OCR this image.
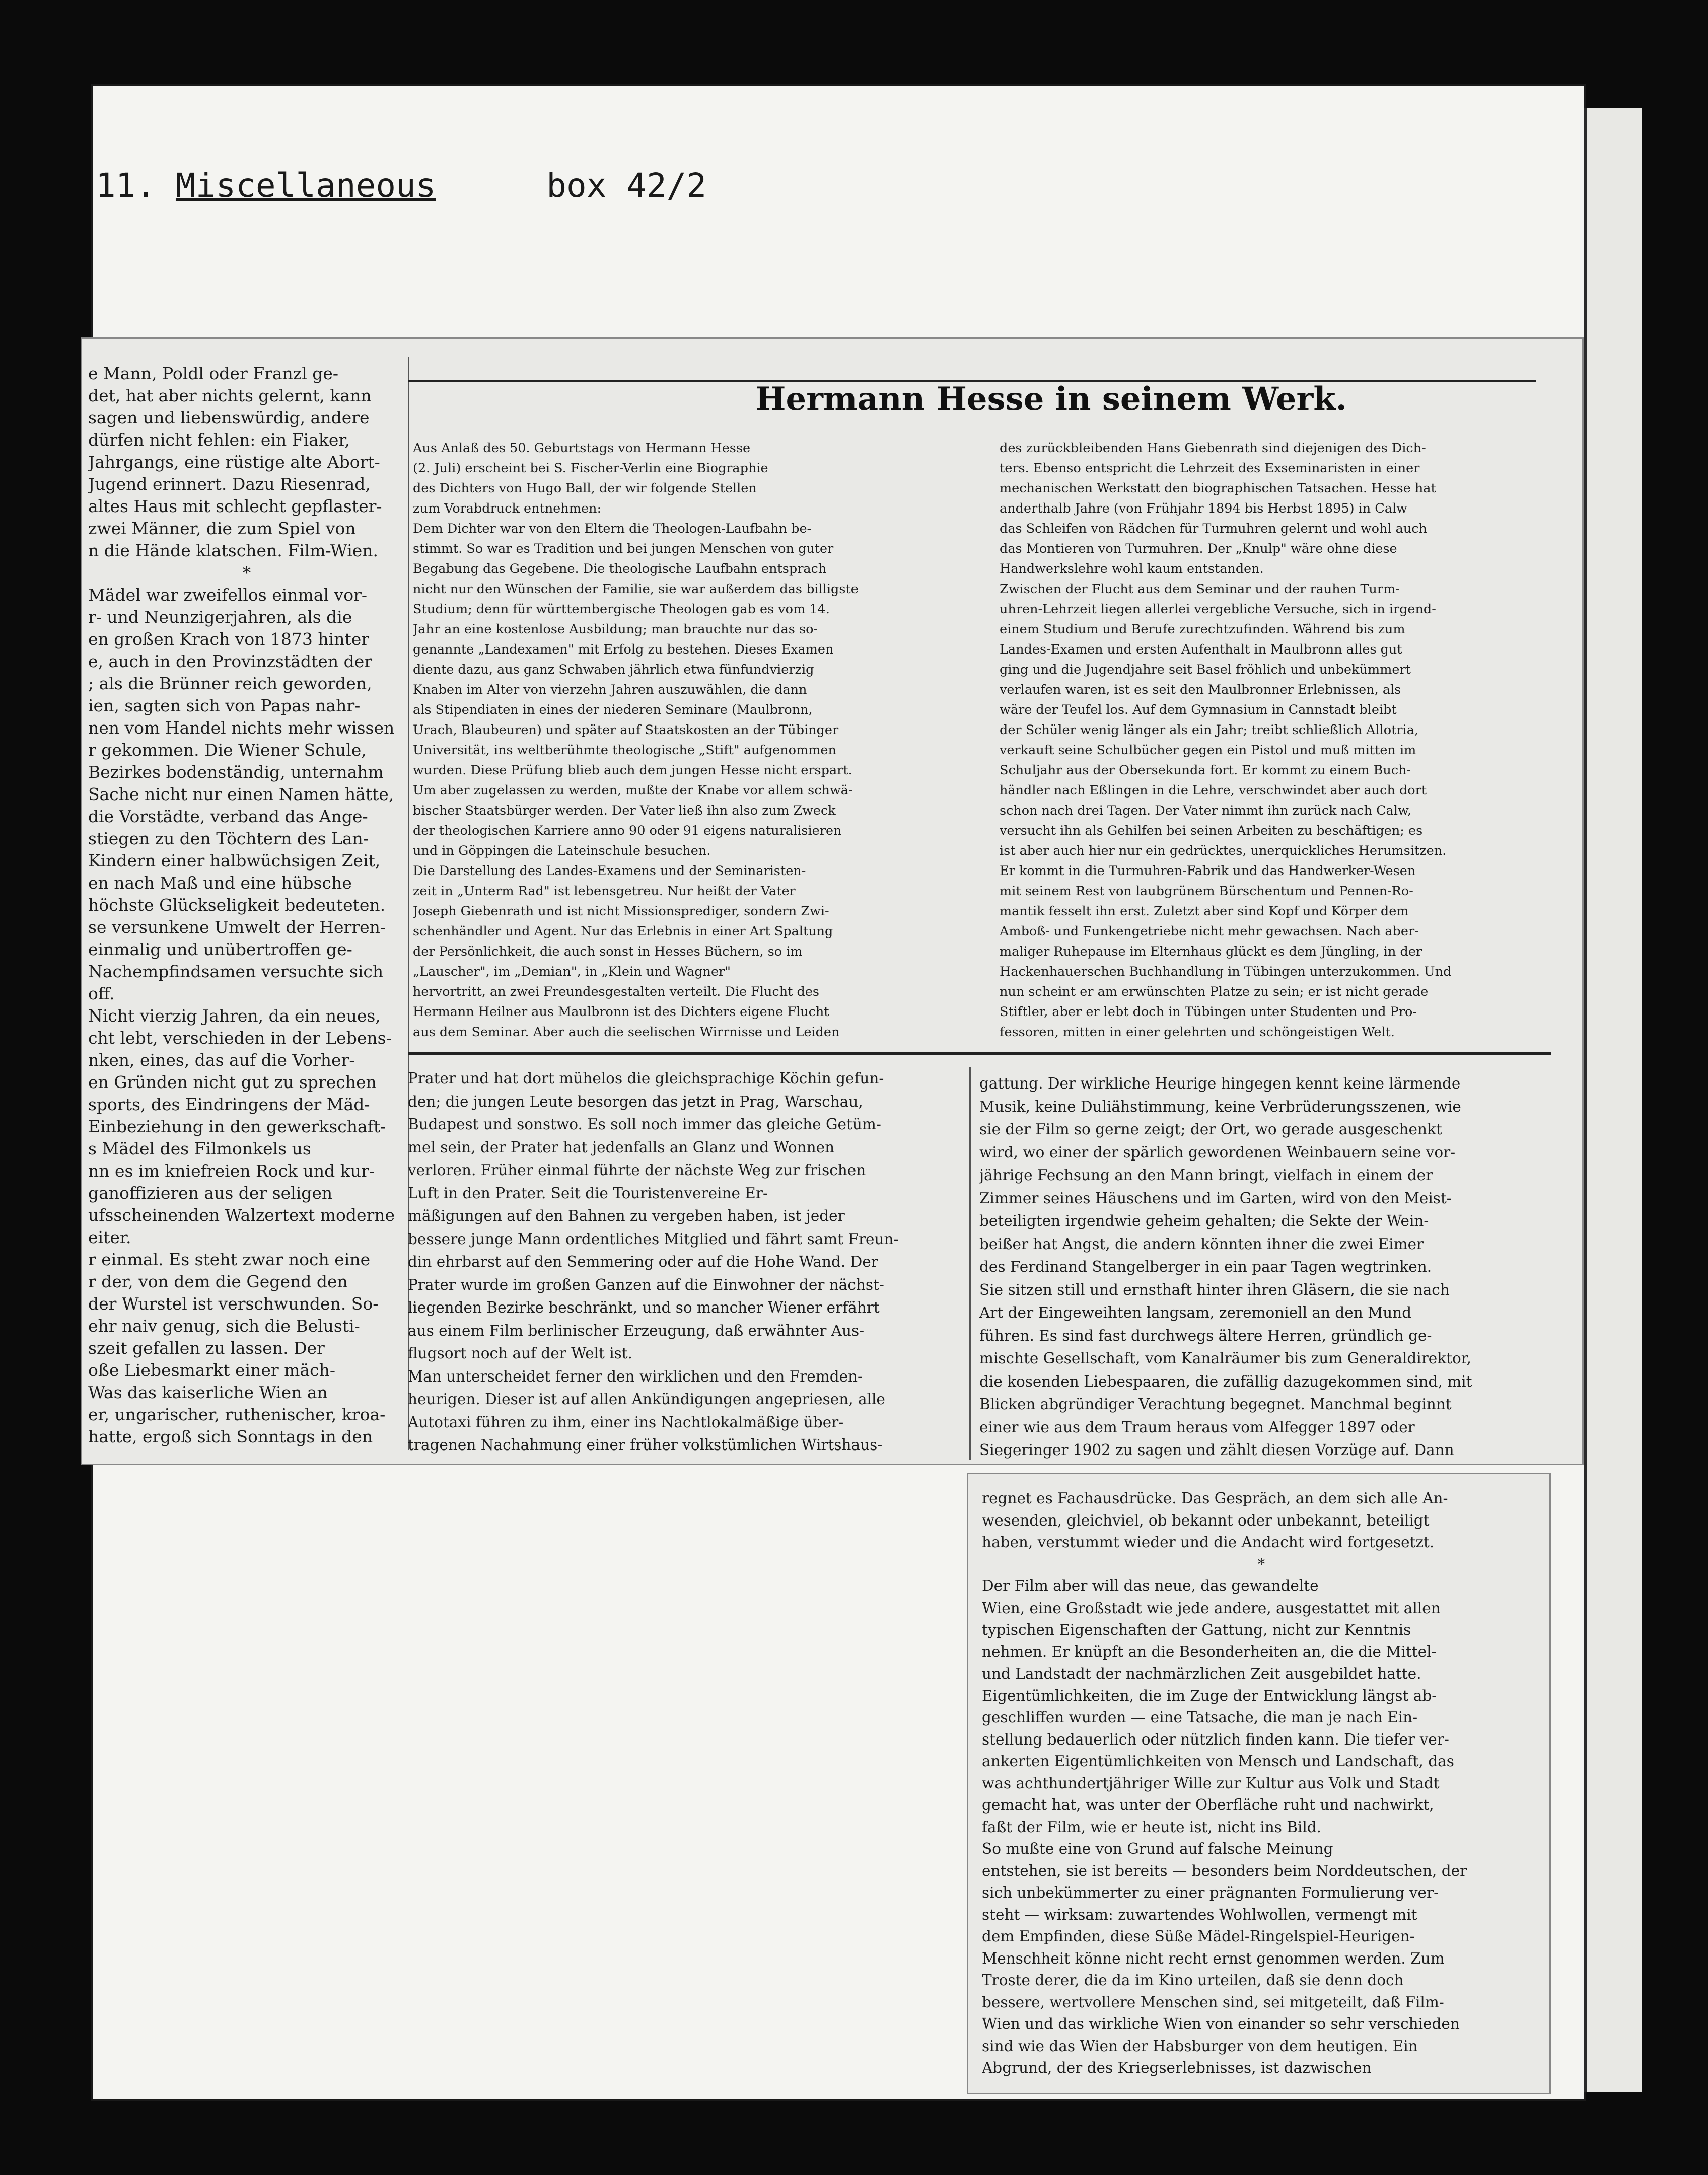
11. Miscellaneous	box 42/2

e Mann, Poldl oder Franzl ge-

det, hat aber nichts gelernt, kann

sagen und liebenswürdig, andere

dürfen nicht fehlen: ein Fiaker,

Jahrgangs, eine rüstige alte Abort-

Jugend erinnert. Dazu Riesenrad,

altes Haus mit schlecht gepflaster-

zwei Männer, die zum Spiel von

n die Hände klatschen. Film-Wien.

*

Mädel war zweifellos einmal vor-

r- und Neunzigerjahren, als die

en großen Krach von 1873 hinter

e, auch in den Provinzstädten der

; als die Brünner reich geworden,

ien, sagten sich von Papas nahr-

nen vom Handel nichts mehr wissen

r gekommen. Die Wiener Schule,

Bezirkes bodenständig, unternahm

Sache nicht nur einen Namen hätte,

die Vorstädte, verband das Ange-

stiegen zu den Töchtern des Lan-

Kindern einer halbwüchsigen Zeit,

en nach Maß und eine hübsche

höchste Glückseligkeit bedeuteten.

se versunkene Umwelt der Herren-

einmalig und unübertroffen ge-

Nachempfindsamen versuchte sich

off.

Nicht vierzig Jahren, da ein neues,

cht lebt, verschieden in der Lebens-

nken, eines, das auf die Vorher-

en Gründen nicht gut zu sprechen

sports, des Eindringens der Mäd-

Einbeziehung in den gewerkschaft-

s Mädel des Filmonkels us

nn es im kniefreien Rock und kur-

ganoffizieren aus der seligen

ufsscheinenden Walzertext moderne

eiter.

r einmal. Es steht zwar noch eine

r der, von dem die Gegend den

der Wurstel ist verschwunden. So-

ehr naiv genug, sich die Belusti-

szeit gefallen zu lassen. Der

oße Liebesmarkt einer mäch-

Was das kaiserliche Wien an

er, ungarischer, ruthenischer, kroa-

hatte, ergoß sich Sonntags in den

Hermann Hesse in seinem Werk.

Aus Anlaß des 50. Geburtstags von Hermann Hesse

(2. Juli) erscheint bei S. Fischer-Verlin eine Biographie

des Dichters von Hugo Ball, der wir folgende Stellen

zum Vorabdruck entnehmen:

Dem Dichter war von den Eltern die Theologen-Laufbahn be-

stimmt. So war es Tradition und bei jungen Menschen von guter

Begabung das Gegebene. Die theologische Laufbahn entsprach

nicht nur den Wünschen der Familie, sie war außerdem das billigste

Studium; denn für württembergische Theologen gab es vom 14.

Jahr an eine kostenlose Ausbildung; man brauchte nur das so-

genannte „Landexamen" mit Erfolg zu bestehen. Dieses Examen

diente dazu, aus ganz Schwaben jährlich etwa fünfundvierzig

Knaben im Alter von vierzehn Jahren auszuwählen, die dann

als Stipendiaten in eines der niederen Seminare (Maulbronn,

Urach, Blaubeuren) und später auf Staatskosten an der Tübinger

Universität, ins weltberühmte theologische „Stift" aufgenommen

wurden. Diese Prüfung blieb auch dem jungen Hesse nicht erspart.

Um aber zugelassen zu werden, mußte der Knabe vor allem schwä-

bischer Staatsbürger werden. Der Vater ließ ihn also zum Zweck

der theologischen Karriere anno 90 oder 91 eigens naturalisieren

und in Göppingen die Lateinschule besuchen.

Die Darstellung des Landes-Examens und der Seminaristen-

zeit in „Unterm Rad" ist lebensgetreu. Nur heißt der Vater

Joseph Giebenrath und ist nicht Missionsprediger, sondern Zwi-

schenhändler und Agent. Nur das Erlebnis in einer Art Spaltung

der Persönlichkeit, die auch sonst in Hesses Büchern, so im

„Lauscher", im „Demian", in „Klein und Wagner"

hervortritt, an zwei Freundesgestalten verteilt. Die Flucht des

Hermann Heilner aus Maulbronn ist des Dichters eigene Flucht

aus dem Seminar. Aber auch die seelischen Wirrnisse und Leiden

des zurückbleibenden Hans Giebenrath sind diejenigen des Dich-

ters. Ebenso entspricht die Lehrzeit des Exseminaristen in einer

mechanischen Werkstatt den biographischen Tatsachen. Hesse hat

anderthalb Jahre (von Frühjahr 1894 bis Herbst 1895) in Calw

das Schleifen von Rädchen für Turmuhren gelernt und wohl auch

das Montieren von Turmuhren. Der „Knulp" wäre ohne diese

Handwerkslehre wohl kaum entstanden.

Zwischen der Flucht aus dem Seminar und der rauhen Turm-

uhren-Lehrzeit liegen allerlei vergebliche Versuche, sich in irgend-

einem Studium und Berufe zurechtzufinden. Während bis zum

Landes-Examen und ersten Aufenthalt in Maulbronn alles gut

ging und die Jugendjahre seit Basel fröhlich und unbekümmert

verlaufen waren, ist es seit den Maulbronner Erlebnissen, als

wäre der Teufel los. Auf dem Gymnasium in Cannstadt bleibt

der Schüler wenig länger als ein Jahr; treibt schließlich Allotria,

verkauft seine Schulbücher gegen ein Pistol und muß mitten im

Schuljahr aus der Obersekunda fort. Er kommt zu einem Buch-

händler nach Eßlingen in die Lehre, verschwindet aber auch dort

schon nach drei Tagen. Der Vater nimmt ihn zurück nach Calw,

versucht ihn als Gehilfen bei seinen Arbeiten zu beschäftigen; es

ist aber auch hier nur ein gedrücktes, unerquickliches Herumsitzen.

Er kommt in die Turmuhren-Fabrik und das Handwerker-Wesen

mit seinem Rest von laubgrünem Bürschentum und Pennen-Ro-

mantik fesselt ihn erst. Zuletzt aber sind Kopf und Körper dem

Amboß- und Funkengetriebe nicht mehr gewachsen. Nach aber-

maliger Ruhepause im Elternhaus glückt es dem Jüngling, in der

Hackenhauerschen Buchhandlung in Tübingen unterzukommen. Und

nun scheint er am erwünschten Platze zu sein; er ist nicht gerade

Stiftler, aber er lebt doch in Tübingen unter Studenten und Pro-

fessoren, mitten in einer gelehrten und schöngeistigen Welt.

Prater und hat dort mühelos die gleichsprachige Köchin gefun-

den; die jungen Leute besorgen das jetzt in Prag, Warschau,

Budapest und sonstwo. Es soll noch immer das gleiche Getüm-

mel sein, der Prater hat jedenfalls an Glanz und Wonnen

verloren. Früher einmal führte der nächste Weg zur frischen

Luft in den Prater. Seit die Touristenvereine Er-

mäßigungen auf den Bahnen zu vergeben haben, ist jeder

bessere junge Mann ordentliches Mitglied und fährt samt Freun-

din ehrbarst auf den Semmering oder auf die Hohe Wand. Der

Prater wurde im großen Ganzen auf die Einwohner der nächst-

liegenden Bezirke beschränkt, und so mancher Wiener erfährt

aus einem Film berlinischer Erzeugung, daß erwähnter Aus-

flugsort noch auf der Welt ist.

Man unterscheidet ferner den wirklichen und den Fremden-

heurigen. Dieser ist auf allen Ankündigungen angepriesen, alle

Autotaxi führen zu ihm, einer ins Nachtlokalmäßige über-

tragenen Nachahmung einer früher volkstümlichen Wirtshaus-

gattung. Der wirkliche Heurige hingegen kennt keine lärmende

Musik, keine Duliähstimmung, keine Verbrüderungsszenen, wie

sie der Film so gerne zeigt; der Ort, wo gerade ausgeschenkt

wird, wo einer der spärlich gewordenen Weinbauern seine vor-

jährige Fechsung an den Mann bringt, vielfach in einem der

Zimmer seines Häuschens und im Garten, wird von den Meist-

beteiligten irgendwie geheim gehalten; die Sekte der Wein-

beißer hat Angst, die andern könnten ihner die zwei Eimer

des Ferdinand Stangelberger in ein paar Tagen wegtrinken.

Sie sitzen still und ernsthaft hinter ihren Gläsern, die sie nach

Art der Eingeweihten langsam, zeremoniell an den Mund

führen. Es sind fast durchwegs ältere Herren, gründlich ge-

mischte Gesellschaft, vom Kanalräumer bis zum Generaldirektor,

die kosenden Liebespaaren, die zufällig dazugekommen sind, mit

Blicken abgründiger Verachtung begegnet. Manchmal beginnt

einer wie aus dem Traum heraus vom Alfegger 1897 oder

Siegeringer 1902 zu sagen und zählt diesen Vorzüge auf. Dann

regnet es Fachausdrücke. Das Gespräch, an dem sich alle An-

wesenden, gleichviel, ob bekannt oder unbekannt, beteiligt

haben, verstummt wieder und die Andacht wird fortgesetzt.

*

Der Film aber will das neue, das gewandelte

Wien, eine Großstadt wie jede andere, ausgestattet mit allen

typischen Eigenschaften der Gattung, nicht zur Kenntnis

nehmen. Er knüpft an die Besonderheiten an, die die Mittel-

und Landstadt der nachmärzlichen Zeit ausgebildet hatte.

Eigentümlichkeiten, die im Zuge der Entwicklung längst ab-

geschliffen wurden — eine Tatsache, die man je nach Ein-

stellung bedauerlich oder nützlich finden kann. Die tiefer ver-

ankerten Eigentümlichkeiten von Mensch und Landschaft, das

was achthundertjähriger Wille zur Kultur aus Volk und Stadt

gemacht hat, was unter der Oberfläche ruht und nachwirkt,

faßt der Film, wie er heute ist, nicht ins Bild.

So mußte eine von Grund auf falsche Meinung

entstehen, sie ist bereits — besonders beim Norddeutschen, der

sich unbekümmerter zu einer prägnanten Formulierung ver-

steht — wirksam: zuwartendes Wohlwollen, vermengt mit

dem Empfinden, diese Süße Mädel-Ringelspiel-Heurigen-

Menschheit könne nicht recht ernst genommen werden. Zum

Troste derer, die da im Kino urteilen, daß sie denn doch

bessere, wertvollere Menschen sind, sei mitgeteilt, daß Film-

Wien und das wirkliche Wien von einander so sehr verschieden

sind wie das Wien der Habsburger von dem heutigen. Ein

Abgrund, der des Kriegserlebnisses, ist dazwischen
